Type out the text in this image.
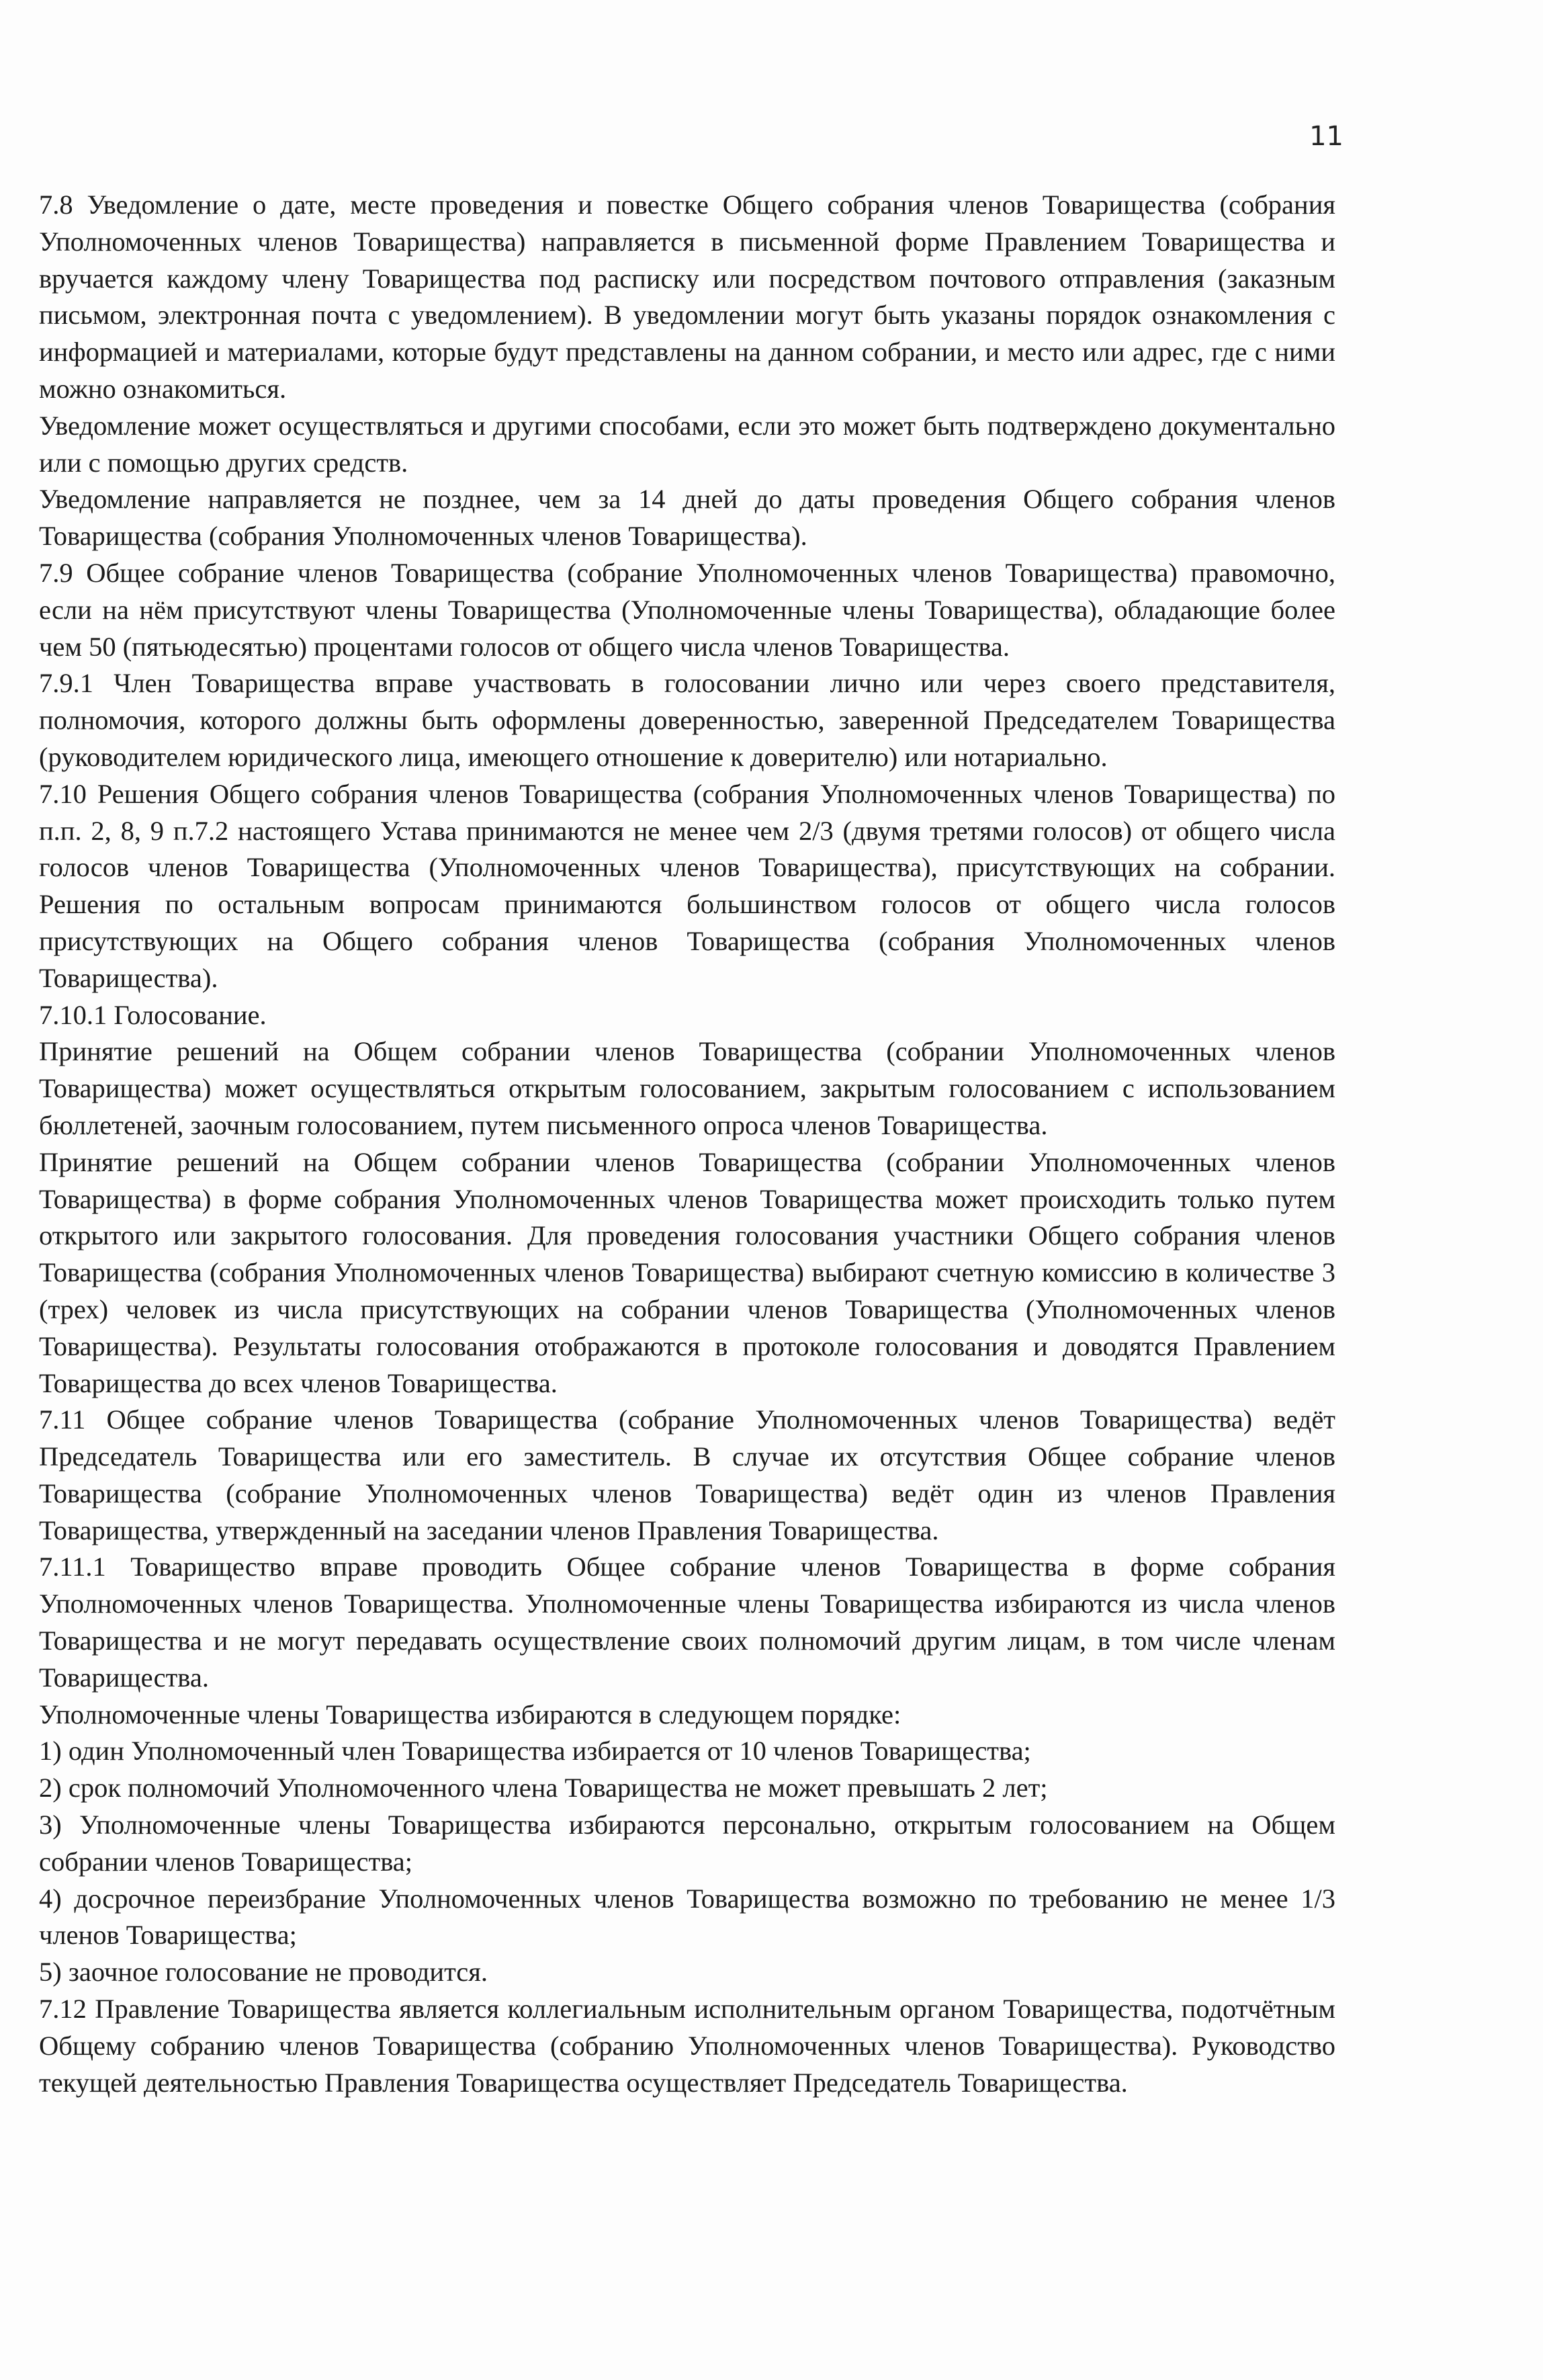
11

7.8 Уведомление о дате, месте проведения и повестке Общего собрания членов Товарищества (собрания Уполномоченных членов Товарищества) направляется в письменной форме Правлением Товарищества и вручается каждому члену Товарищества под расписку или посредством почтового отправления (заказным письмом, электронная почта с уведомлением). В уведомлении могут быть указаны порядок ознакомления с информацией и материалами, которые будут представлены на данном собрании, и место или адрес, где с ними можно ознакомиться.

Уведомление может осуществляться и другими способами, если это может быть подтверждено документально или с помощью других средств.

Уведомление направляется не позднее, чем за 14 дней до даты проведения Общего собрания членов Товарищества (собрания Уполномоченных членов Товарищества).

7.9 Общее собрание членов Товарищества (собрание Уполномоченных членов Товарищества) правомочно, если на нём присутствуют члены Товарищества (Уполномоченные члены Товарищества), обладающие более чем 50 (пятьюдесятью) процентами голосов от общего числа членов Товарищества.

7.9.1 Член Товарищества вправе участвовать в голосовании лично или через своего представителя, полномочия, которого должны быть оформлены доверенностью, заверенной Председателем Товарищества (руководителем юридического лица, имеющего отношение к доверителю) или нотариально.

7.10 Решения Общего собрания членов Товарищества (собрания Уполномоченных членов Товарищества) по п.п. 2, 8, 9 п.7.2 настоящего Устава принимаются не менее чем 2/3 (двумя третями голосов) от общего числа голосов членов Товарищества (Уполномоченных членов Товарищества), присутствующих на собрании. Решения по остальным вопросам принимаются большинством голосов от общего числа голосов присутствующих на Общего собрания членов Товарищества (собрания Уполномоченных членов Товарищества).

7.10.1 Голосование.

Принятие решений на Общем собрании членов Товарищества (собрании Уполномоченных членов Товарищества) может осуществляться открытым голосованием, закрытым голосованием с использованием бюллетеней, заочным голосованием, путем письменного опроса членов Товарищества.

Принятие решений на Общем собрании членов Товарищества (собрании Уполномоченных членов Товарищества) в форме собрания Уполномоченных членов Товарищества может происходить только путем открытого или закрытого голосования. Для проведения голосования участники Общего собрания членов Товарищества (собрания Уполномоченных членов Товарищества) выбирают счетную комиссию в количестве 3 (трех) человек из числа присутствующих на собрании членов Товарищества (Уполномоченных членов Товарищества). Результаты голосования отображаются в протоколе голосования и доводятся Правлением Товарищества до всех членов Товарищества.

7.11 Общее собрание членов Товарищества (собрание Уполномоченных членов Товарищества) ведёт Председатель Товарищества или его заместитель. В случае их отсутствия Общее собрание членов Товарищества (собрание Уполномоченных членов Товарищества) ведёт один из членов Правления Товарищества, утвержденный на заседании членов Правления Товарищества.

7.11.1 Товарищество вправе проводить Общее собрание членов Товарищества в форме собрания Уполномоченных членов Товарищества. Уполномоченные члены Товарищества избираются из числа членов Товарищества и не могут передавать осуществление своих полномочий другим лицам, в том числе членам Товарищества.

Уполномоченные члены Товарищества избираются в следующем порядке:

1) один Уполномоченный член Товарищества избирается от 10 членов Товарищества;

2) срок полномочий Уполномоченного члена Товарищества не может превышать 2 лет;

3) Уполномоченные члены Товарищества избираются персонально, открытым голосованием на Общем собрании членов Товарищества;

4) досрочное переизбрание Уполномоченных членов Товарищества возможно по требованию не менее 1/3 членов Товарищества;

5) заочное голосование не проводится.

7.12 Правление Товарищества является коллегиальным исполнительным органом Товарищества, подотчётным Общему собранию членов Товарищества (собранию Уполномоченных членов Товарищества). Руководство текущей деятельностью Правления Товарищества осуществляет Председатель Товарищества.
